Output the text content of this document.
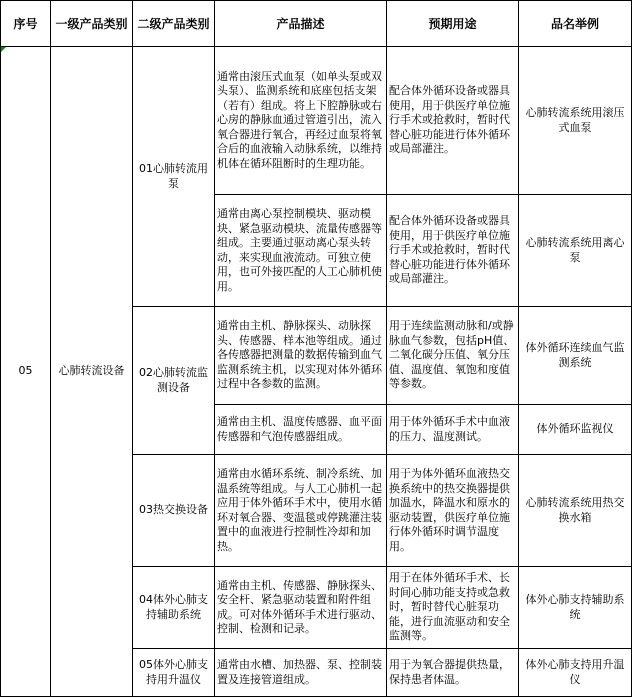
序号	一级产品类别	二级产品类别	产品描述	预期用途	品名举例
05	心肺转流设备	01心肺转流用泵	通常由滚压式血泵（如单头泵或双头泵）、监测系统和底座包括支架（若有）组成。将上下腔静脉或右心房的静脉血通过管道引出，流入氧合器进行氧合，再经过血泵将氧合后的血液输入动脉系统，以维持机体在循环阻断时的生理功能。	配合体外循环设备或器具使用，用于供医疗单位施行手术或抢救时，暂时代替心脏功能进行体外循环或局部灌注。	心肺转流系统用滚压式血泵
			通常由离心泵控制模块、驱动模块、紧急驱动模块、流量传感器等组成。主要通过驱动离心泵头转动，来实现血液流动。可独立使用，也可外接匹配的人工心肺机使用。	配合体外循环设备或器具使用，用于供医疗单位施行手术或抢救时，暂时代替心脏功能进行体外循环或局部灌注。	心肺转流系统用离心泵
		02心肺转流监测设备	通常由主机、静脉探头、动脉探头、传感器、样本池等组成。通过各传感器把测量的数据传输到血气监测系统主机，以实现对体外循环过程中各参数的监测。	用于连续监测动脉和/或静脉血气参数，包括pH值、二氧化碳分压值、氧分压值、温度值、氧饱和度值等参数。	体外循环连续血气监测系统
			通常由主机、温度传感器、血平面传感器和气泡传感器组成。	用于体外循环手术中血液的压力、温度测试。	体外循环监视仪
		03热交换设备	通常由水循环系统、制冷系统、加温系统等组成。与人工心肺机一起应用于体外循环手术中，使用水循环对氧合器、变温毯或停跳灌注装置中的血液进行控制性冷却和加热。	用于为体外循环血液热交换系统中的热交换器提供加温水，降温水和原水的驱动装置，供医疗单位施行体外循环时调节温度用。	心肺转流系统用热交换水箱
		04体外心肺支持辅助系统	通常由主机、传感器、静脉探头、安全杆、紧急驱动装置和附件组成。可对体外循环手术进行驱动、控制、检测和记录。	用于在体外循环手术、长时间心肺功能支持或急救时，暂时替代心脏泵功能，进行血流驱动和安全监测等。	体外心肺支持辅助系统
		05体外心肺支持用升温仪	通常由水槽、加热器、泵、控制装置及连接管道组成。	用于为氧合器提供热量，保持患者体温。	体外心肺支持用升温仪
